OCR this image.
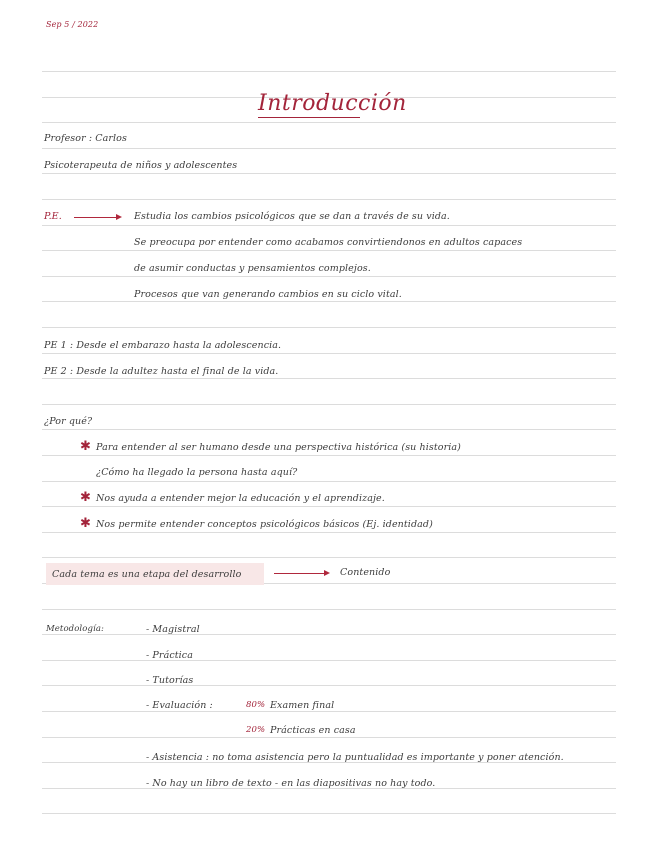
Sep 5 / 2022
Introducción
Profesor : Carlos
Psicoterapeuta de niños y adolescentes
P.E.	Estudia los cambios psicológicos que se dan a través de su vida.
Se preocupa por entender como acabamos convirtiendonos en adultos capaces
de asumir conductas y pensamientos complejos.
Procesos que van generando cambios en su ciclo vital.
PE 1 : Desde el embarazo hasta la adolescencia.
PE 2 : Desde la adultez hasta el final de la vida.
¿Por qué?
✱ Para entender al ser humano desde una perspectiva histórica (su historia)
¿Cómo ha llegado la persona hasta aquí?
✱ Nos ayuda a entender mejor la educación y el aprendizaje.
✱ Nos permite entender conceptos psicológicos básicos (Ej. identidad)
Cada tema es una etapa del desarrollo	Contenido
Metodología:	- Magistral
- Práctica
- Tutorías
- Evaluación :	80% Examen final
20% Prácticas en casa
- Asistencia : no toma asistencia pero la puntualidad es importante y poner atención.
- No hay un libro de texto - en las diapositivas no hay todo.
